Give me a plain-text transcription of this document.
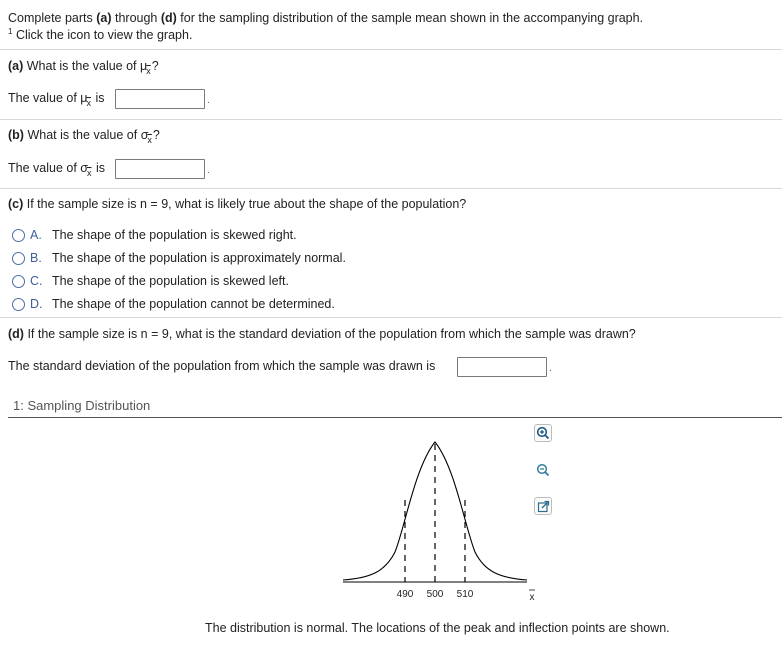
Complete parts (a) through (d) for the sampling distribution of the sample mean shown in the accompanying graph.
$^1$ Click the icon to view the graph.
(a) What is the value of $\mu_{\overline{x}}$?
The value of $\mu_{\overline{x}}$ is	.
(b) What is the value of $\sigma_{\overline{x}}$?
The value of $\sigma_{\overline{x}}$ is	.
(c) If the sample size is n = 9, what is likely true about the shape of the population?
A. The shape of the population is skewed right.
B. The shape of the population is approximately normal.
C. The shape of the population is skewed left.
D. The shape of the population cannot be determined.
(d) If the sample size is n = 9, what is the standard deviation of the population from which the sample was drawn?
The standard deviation of the population from which the sample was drawn is	.
1: Sampling Distribution
490 500 510	x
The distribution is normal. The locations of the peak and inflection points are shown.
